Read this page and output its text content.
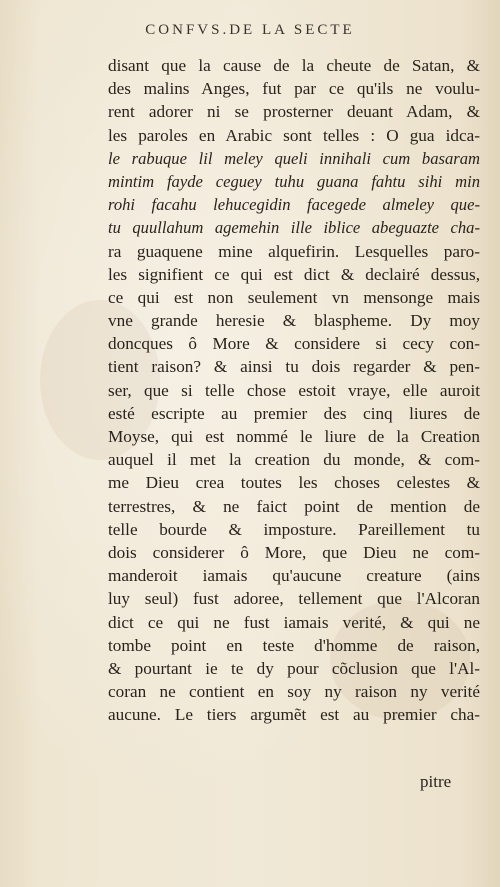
CONFVS.DE LA SECTE
disant que la cause de la cheute de Satan, &
des malins Anges, fut par ce qu'ils ne voulu-
rent adorer ni se prosterner deuant Adam, &
les paroles en Arabic sont telles : O gua idca-
le rabuque lil meley queli innihali cum basaram
mintim fayde ceguey tuhu guana fahtu sihi min
rohi facahu lehucegidin facegede almeley que-
tu quullahum agemehin ille iblice abeguazte cha-
ra guaquene mine alquefirin. Lesquelles paro-
les signifient ce qui est dict & declairé dessus,
ce qui est non seulement vn mensonge mais
vne grande heresie & blaspheme. Dy moy
doncques ô More & considere si cecy con-
tient raison? & ainsi tu dois regarder & pen-
ser, que si telle chose estoit vraye, elle auroit
esté escripte au premier des cinq liures de
Moyse, qui est nommé le liure de la Creation
auquel il met la creation du monde, & com-
me Dieu crea toutes les choses celestes &
terrestres, & ne faict point de mention de
telle bourde & imposture. Pareillement tu
dois considerer ô More, que Dieu ne com-
manderoit iamais qu'aucune creature (ains
luy seul) fust adoree, tellement que l'Alcoran
dict ce qui ne fust iamais verité, & qui ne
tombe point en teste d'homme de raison,
& pourtant ie te dy pour cõclusion que l'Al-
coran ne contient en soy ny raison ny verité
aucune. Le tiers argumẽt est au premier cha-
pitre
